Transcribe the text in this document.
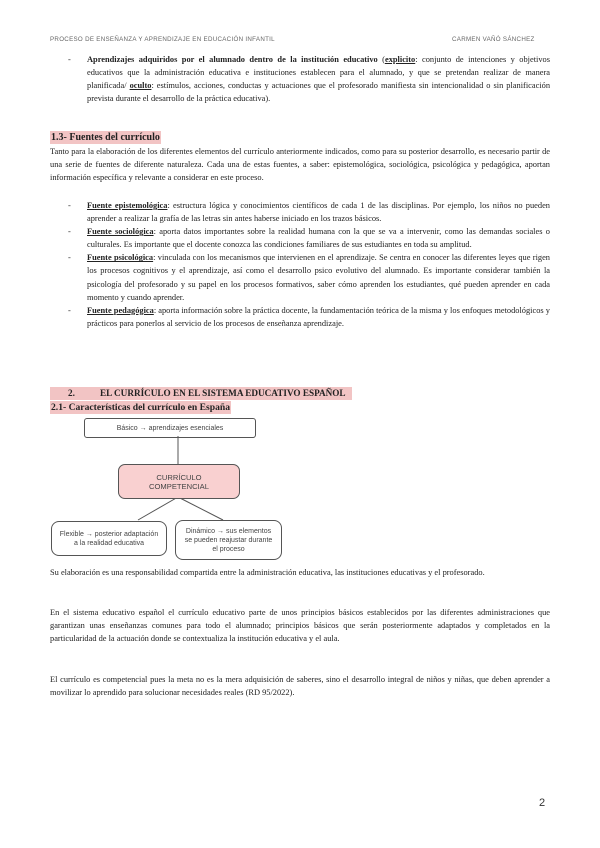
PROCESO DE ENSEÑANZA Y APRENDIZAJE EN EDUCACIÓN INFANTIL	CARMEN VAÑÓ SÁNCHEZ
- Aprendizajes adquiridos por el alumnado dentro de la institución educativo (explicito: conjunto de intenciones y objetivos educativos que la administración educativa e instituciones establecen para el alumnado, y que se pretendan realizar de manera planificada/ oculto: estímulos, acciones, conductas y actuaciones que el profesorado manifiesta sin intencionalidad o sin planificación prevista durante el desarrollo de la práctica educativa).
1.3- Fuentes del currículo
Tanto para la elaboración de los diferentes elementos del currículo anteriormente indicados, como para su posterior desarrollo, es necesario partir de una serie de fuentes de diferente naturaleza. Cada una de estas fuentes, a saber: epistemológica, sociológica, psicológica y pedagógica, aportan información específica y relevante a considerar en este proceso.
- Fuente epistemológica: estructura lógica y conocimientos científicos de cada 1 de las disciplinas. Por ejemplo, los niños no pueden aprender a realizar la grafía de las letras sin antes haberse iniciado en los trazos básicos.
- Fuente sociológica: aporta datos importantes sobre la realidad humana con la que se va a intervenir, como las demandas sociales o culturales. Es importante que el docente conozca las condiciones familiares de sus estudiantes en toda su amplitud.
- Fuente psicológica: vinculada con los mecanismos que intervienen en el aprendizaje. Se centra en conocer las diferentes leyes que rigen los procesos cognitivos y el aprendizaje, así como el desarrollo psico evolutivo del alumnado. Es importante considerar también la psicología del profesorado y su papel en los procesos formativos, saber cómo aprenden los estudiantes, qué pueden aprender en cada momento y cuando aprender.
- Fuente pedagógica: aporta información sobre la práctica docente, la fundamentación teórica de la misma y los enfoques metodológicos y prácticos para ponerlos al servicio de los procesos de enseñanza aprendizaje.
2.	EL CURRÍCULO EN EL SISTEMA EDUCATIVO ESPAÑOL
2.1- Características del currículo en España
Básico → aprendizajes esenciales
CURRÍCULO
COMPETENCIAL
Flexible → posterior adaptación a la realidad educativa
Dinámico → sus elementos se pueden reajustar durante el proceso
Su elaboración es una responsabilidad compartida entre la administración educativa, las instituciones educativas y el profesorado.
En el sistema educativo español el currículo educativo parte de unos principios básicos establecidos por las diferentes administraciones que garantizan unas enseñanzas comunes para todo el alumnado; principios básicos que serán posteriormente adaptados y completados en la particularidad de la actuación donde se contextualiza la institución educativa y el aula.
El currículo es competencial pues la meta no es la mera adquisición de saberes, sino el desarrollo integral de niños y niñas, que deben aprender a movilizar lo aprendido para solucionar necesidades reales (RD 95/2022).
2
